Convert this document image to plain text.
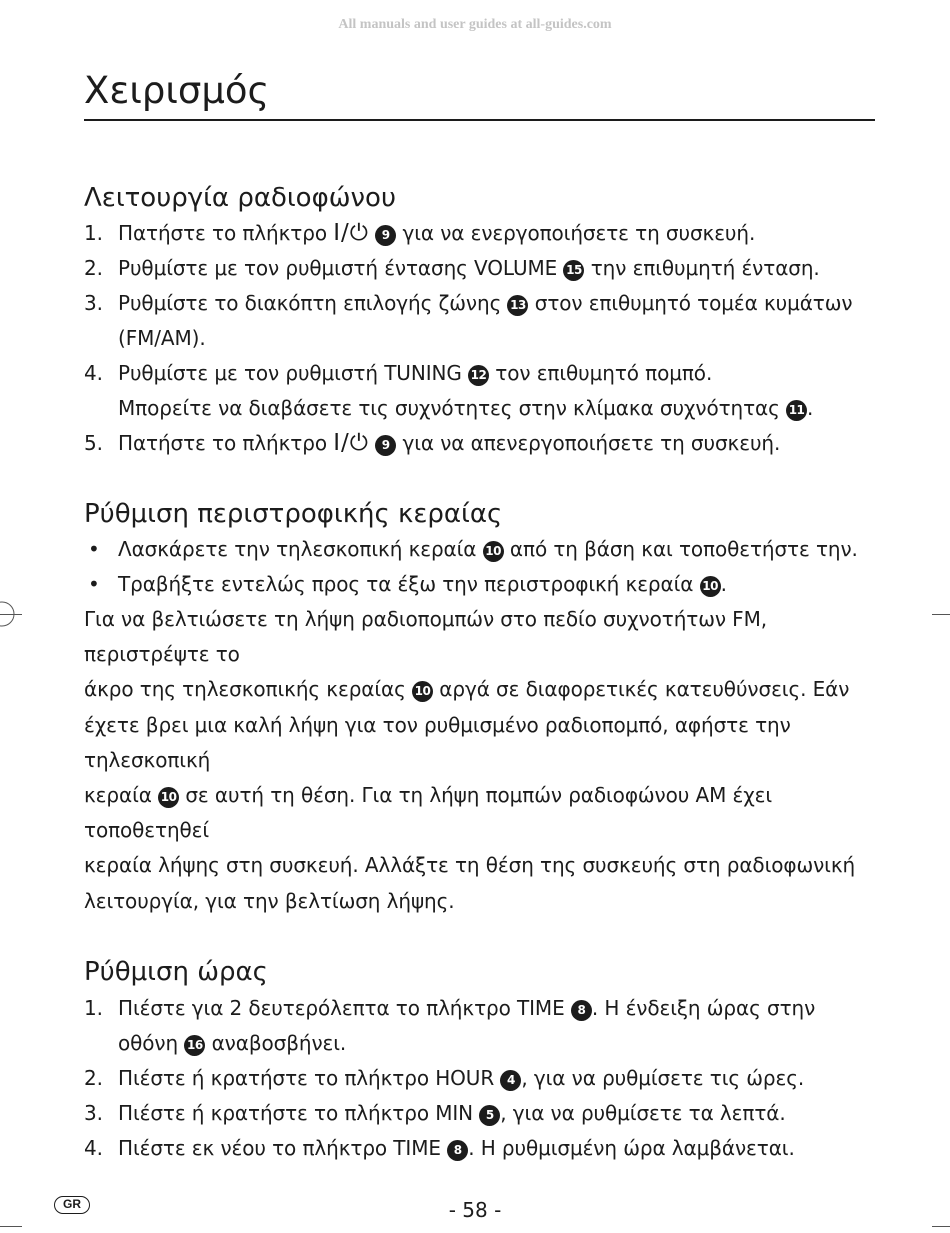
All manuals and user guides at all-guides.com
Χειρισμός
Λειτουργία ραδιοφώνου
1. Πατήστε το πλήκτρο I/⏻ 9 για να ενεργοποιήσετε τη συσκευή.
2. Ρυθμίστε με τον ρυθμιστή έντασης VOLUME 15 την επιθυμητή ένταση.
3. Ρυθμίστε το διακόπτη επιλογής ζώνης 13 στον επιθυμητό τομέα κυμάτων
(FM/AM).
4. Ρυθμίστε με τον ρυθμιστή TUNING 12 τον επιθυμητό πομπό.
Μπορείτε να διαβάσετε τις συχνότητες στην κλίμακα συχνότητας 11 .
5. Πατήστε το πλήκτρο I/⏻ 9 για να απενεργοποιήσετε τη συσκευή.
Ρύθμιση περιστροφικής κεραίας
• Λασκάρετε την τηλεσκοπική κεραία 10 από τη βάση και τοποθετήστε την.
• Τραβήξτε εντελώς προς τα έξω την περιστροφική κεραία 10 .

Για να βελτιώσετε τη λήψη ραδιοπομπών στο πεδίο συχνοτήτων FM, περιστρέψτε το
άκρο της τηλεσκοπικής κεραίας 10 αργά σε διαφορετικές κατευθύνσεις. Εάν
έχετε βρει μια καλή λήψη για τον ρυθμισμένο ραδιοπομπό, αφήστε την τηλεσκοπική
κεραία 10 σε αυτή τη θέση. Για τη λήψη πομπών ραδιοφώνου AM έχει τοποθετηθεί
κεραία λήψης στη συσκευή. Αλλάξτε τη θέση της συσκευής στη ραδιοφωνική
λειτουργία, για την βελτίωση λήψης.

Ρύθμιση ώρας
1. Πιέστε για 2 δευτερόλεπτα το πλήκτρο TIME 8 . Η ένδειξη ώρας στην
οθόνη 16 αναβοσβήνει.
2. Πιέστε ή κρατήστε το πλήκτρο HOUR 4 , για να ρυθμίσετε τις ώρες.
3. Πιέστε ή κρατήστε το πλήκτρο MIN 5 , για να ρυθμίσετε τα λεπτά.
4. Πιέστε εκ νέου το πλήκτρο TIME 8 . Η ρυθμισμένη ώρα λαμβάνεται.
GR	- 58 -
